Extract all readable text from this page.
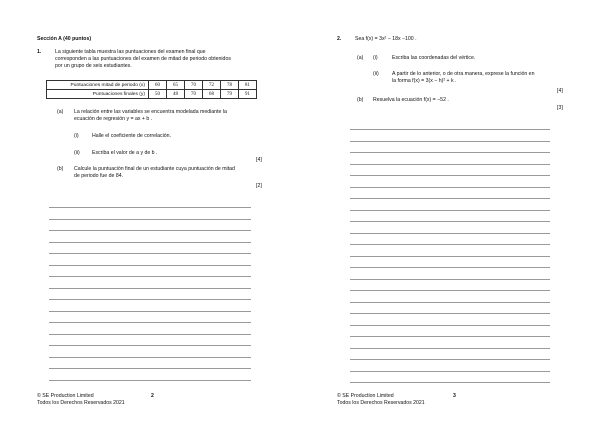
Sección A (40 puntos)
1.	La siguiente tabla muestra las puntuaciones del examen final que
corresponden a las puntuaciones del examen de mitad de periodo obtenidos
por un grupo de seis estudiantes.
Puntuaciones mitad de periodo (x)	60	65	70	72	78	81
Puntuaciones finales (y)	50	48	70	68	79	91
(a) La relación entre las variables se encuentra modelada mediante la
ecuación de regresión y = ax + b .
(i)	Halle el coeficiente de correlación.
(ii) Escriba el valor de a y de b .
[4]
(b) Calcule la puntuación final de un estudiante cuya puntuación de mitad
de periodo fue de 84.
[2]
© SE Production Limited
Todos los Derechos Reservados 2021
2
2.	Sea f(x) = 3x² − 18x −100 .
(a) (i)	Escriba las coordenadas del vértice.
(ii)	A partir de lo anterior, o de otra manera, exprese la función en
la forma f(x) = 3(x − h)² + k .
[4]
(b) Resuelva la ecuación f(x) = −52 .
[3]
© SE Production Limited
Todos los Derechos Reservados 2021
3
